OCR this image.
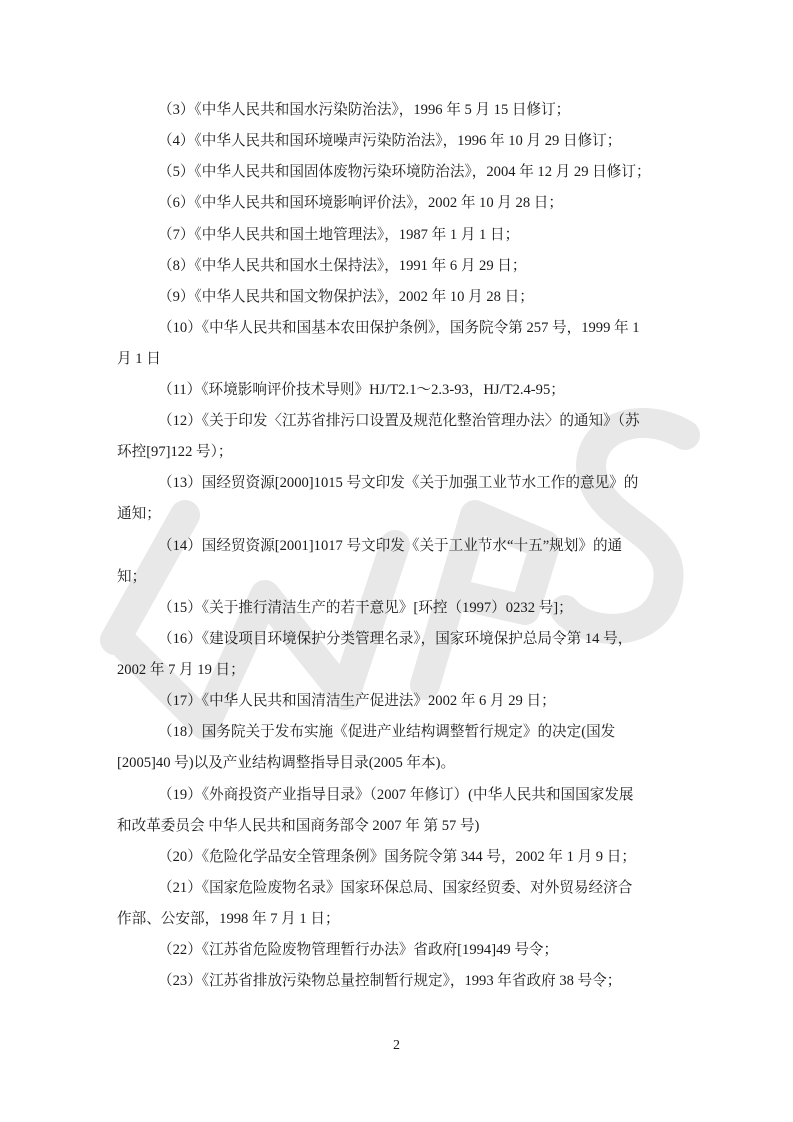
（3）《中华人民共和国水污染防治法》，1996 年 5 月 15 日修订；
（4）《中华人民共和国环境噪声污染防治法》，1996 年 10 月 29 日修订；
（5）《中华人民共和国固体废物污染环境防治法》，2004 年 12 月 29 日修订；
（6）《中华人民共和国环境影响评价法》，2002 年 10 月 28 日；
（7）《中华人民共和国土地管理法》，1987 年 1 月 1 日；
（8）《中华人民共和国水土保持法》，1991 年 6 月 29 日；
（9）《中华人民共和国文物保护法》，2002 年 10 月 28 日；
（10）《中华人民共和国基本农田保护条例》，国务院令第 257 号，1999 年 1
月 1 日
（11）《环境影响评价技术导则》HJ/T2.1～2.3-93，HJ/T2.4-95；
（12）《关于印发〈江苏省排污口设置及规范化整治管理办法〉的通知》（苏
环控[97]122 号）；
（13）国经贸资源[2000]1015 号文印发《关于加强工业节水工作的意见》的
通知；
（14）国经贸资源[2001]1017 号文印发《关于工业节水“十五”规划》的通
知；
（15）《关于推行清洁生产的若干意见》[环控（1997）0232 号]；
（16）《建设项目环境保护分类管理名录》，国家环境保护总局令第 14 号，
2002 年 7 月 19 日；
（17）《中华人民共和国清洁生产促进法》2002 年 6 月 29 日；
（18）国务院关于发布实施《促进产业结构调整暂行规定》的决定(国发
[2005]40 号)以及产业结构调整指导目录(2005 年本)。
（19）《外商投资产业指导目录》（2007 年修订）(中华人民共和国国家发展
和改革委员会 中华人民共和国商务部令 2007 年 第 57 号)
（20）《危险化学品安全管理条例》国务院令第 344 号，2002 年 1 月 9 日；
（21）《国家危险废物名录》国家环保总局、国家经贸委、对外贸易经济合
作部、公安部，1998 年 7 月 1 日；
（22）《江苏省危险废物管理暂行办法》省政府[1994]49 号令；
（23）《江苏省排放污染物总量控制暂行规定》，1993 年省政府 38 号令；
2
